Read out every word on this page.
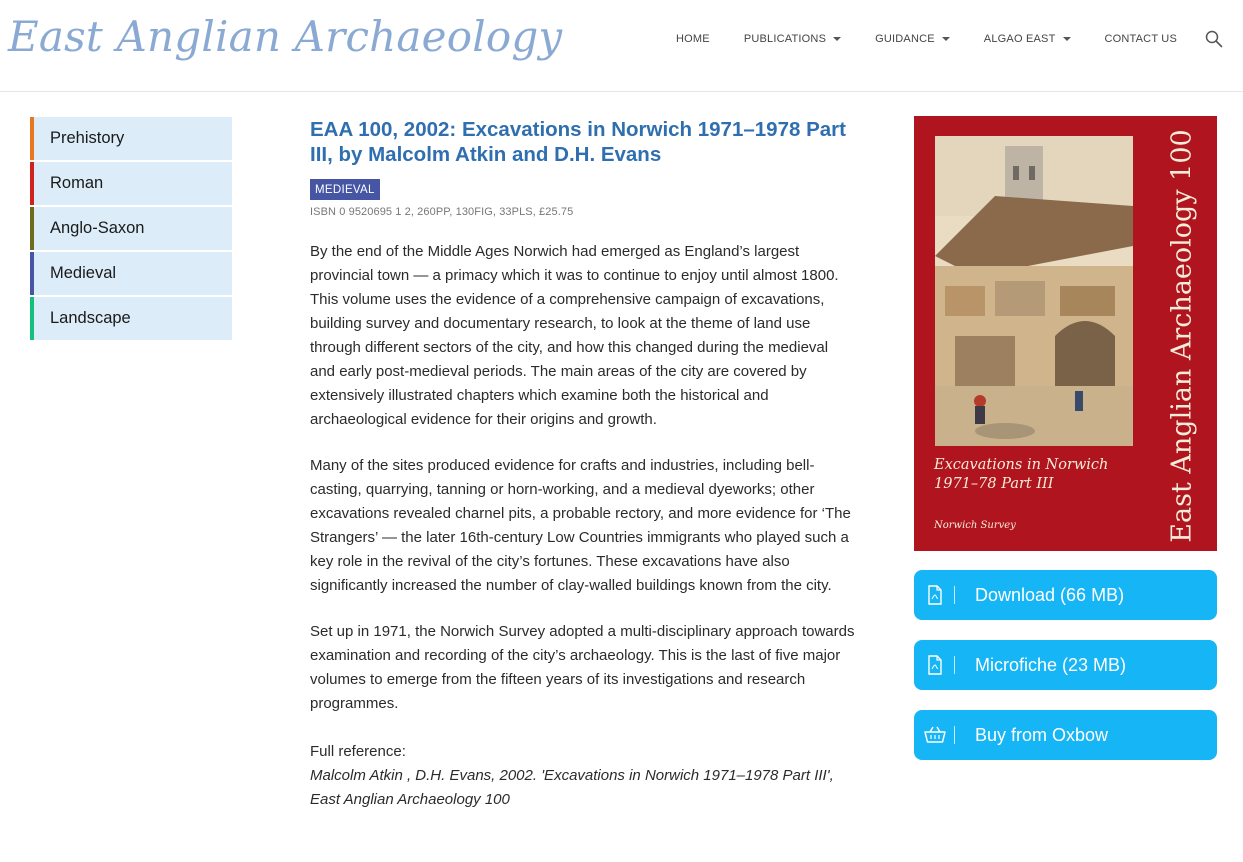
East Anglian Archaeology	HOME	PUBLICATIONS	GUIDANCE	ALGAO EAST	CONTACT US
Prehistory
Roman
Anglo-Saxon
Medieval
Landscape
EAA 100, 2002: Excavations in Norwich 1971–1978 Part III, by Malcolm Atkin and D.H. Evans
MEDIEVAL
ISBN 0 9520695 1 2, 260PP, 130FIG, 33PLS, £25.75

By the end of the Middle Ages Norwich had emerged as England’s largest provincial town — a primacy which it was to continue to enjoy until almost 1800. This volume uses the evidence of a comprehensive campaign of excavations, building survey and documentary research, to look at the theme of land use through different sectors of the city, and how this changed during the medieval and early post-medieval periods. The main areas of the city are covered by extensively illustrated chapters which examine both the historical and archaeological evidence for their origins and growth.

Many of the sites produced evidence for crafts and industries, including bell-casting, quarrying, tanning or horn-working, and a medieval dyeworks; other excavations revealed charnel pits, a probable rectory, and more evidence for ‘The Strangers’ — the later 16th-century Low Countries immigrants who played such a key role in the revival of the city’s fortunes. These excavations have also significantly increased the number of clay-walled buildings known from the city.

Set up in 1971, the Norwich Survey adopted a multi-disciplinary approach towards examination and recording of the city’s archaeology. This is the last of five major volumes to emerge from the fifteen years of its investigations and research programmes.

Full reference:
Malcolm Atkin , D.H. Evans, 2002. 'Excavations in Norwich 1971–1978 Part III', East Anglian Archaeology 100
East Anglian Archaeology 100
Excavations in Norwich
1971–78 Part III
Norwich Survey
Download (66 MB)
Microfiche (23 MB)
Buy from Oxbow
